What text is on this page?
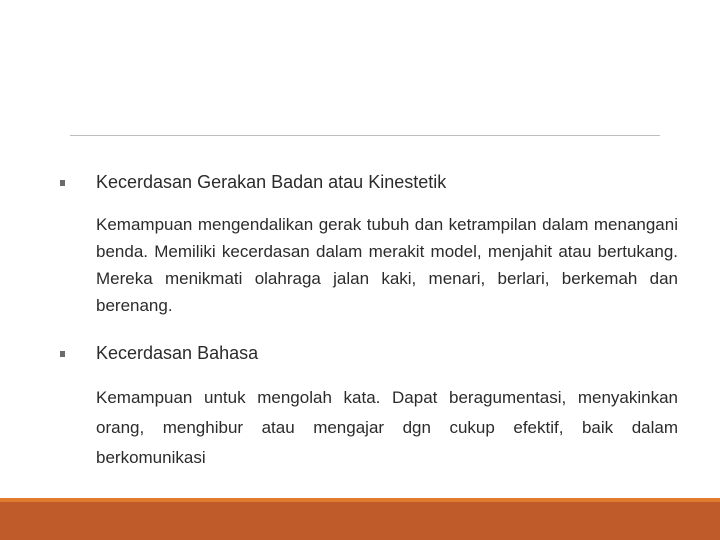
Kecerdasan Gerakan Badan atau Kinestetik
Kemampuan mengendalikan gerak tubuh dan ketrampilan dalam menangani benda. Memiliki kecerdasan dalam merakit model, menjahit atau bertukang. Mereka menikmati olahraga jalan kaki, menari, berlari, berkemah dan berenang.
Kecerdasan Bahasa
Kemampuan untuk mengolah kata. Dapat beragumentasi, menyakinkan orang, menghibur atau mengajar dgn cukup efektif, baik dalam berkomunikasi
